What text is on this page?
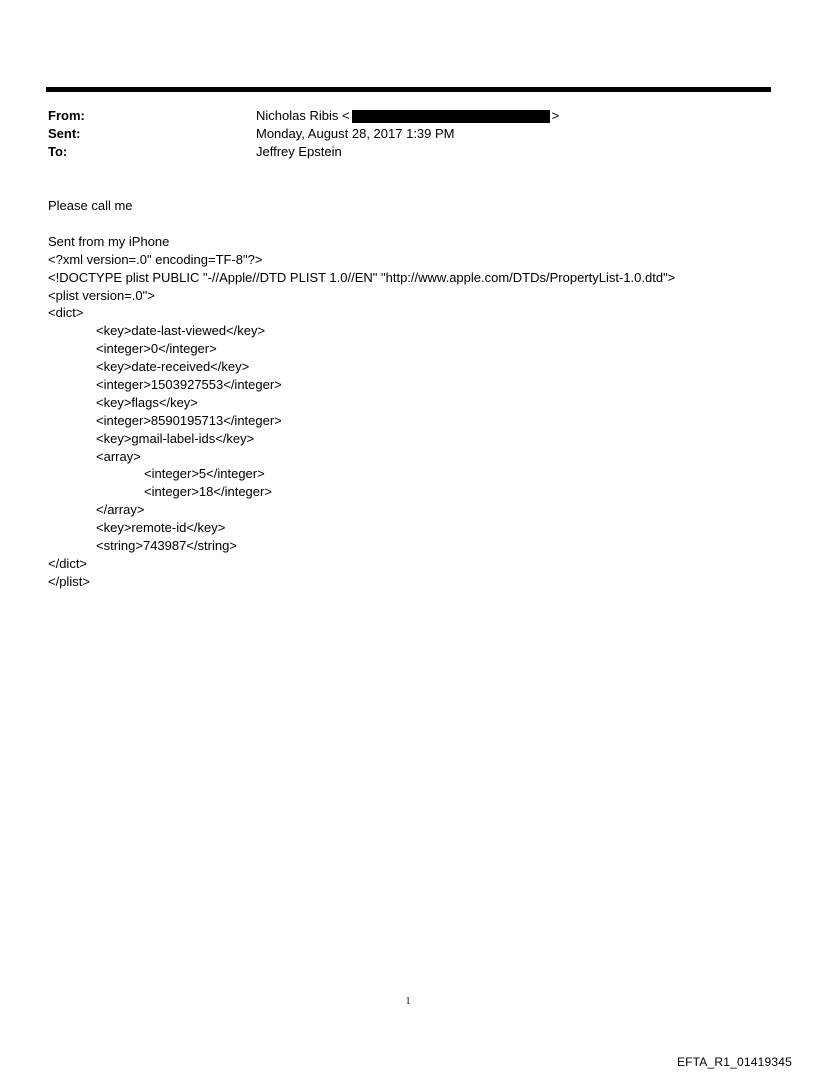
From:	Nicholas Ribis <	>
Sent:	Monday, August 28, 2017 1:39 PM
To:	Jeffrey Epstein
Please call me
Sent from my iPhone
<?xml version=.0" encoding=TF-8"?>
<!DOCTYPE plist PUBLIC "-//Apple//DTD PLIST 1.0//EN" "http://www.apple.com/DTDs/PropertyList-1.0.dtd">
<plist version=.0">
<dict>
<key>date-last-viewed</key>
<integer>0</integer>
<key>date-received</key>
<integer>1503927553</integer>
<key>flags</key>
<integer>8590195713</integer>
<key>gmail-label-ids</key>
<array>
<integer>5</integer>
<integer>18</integer>
</array>
<key>remote-id</key>
<string>743987</string>
</dict>
</plist>
1
EFTA_R1_01419345
